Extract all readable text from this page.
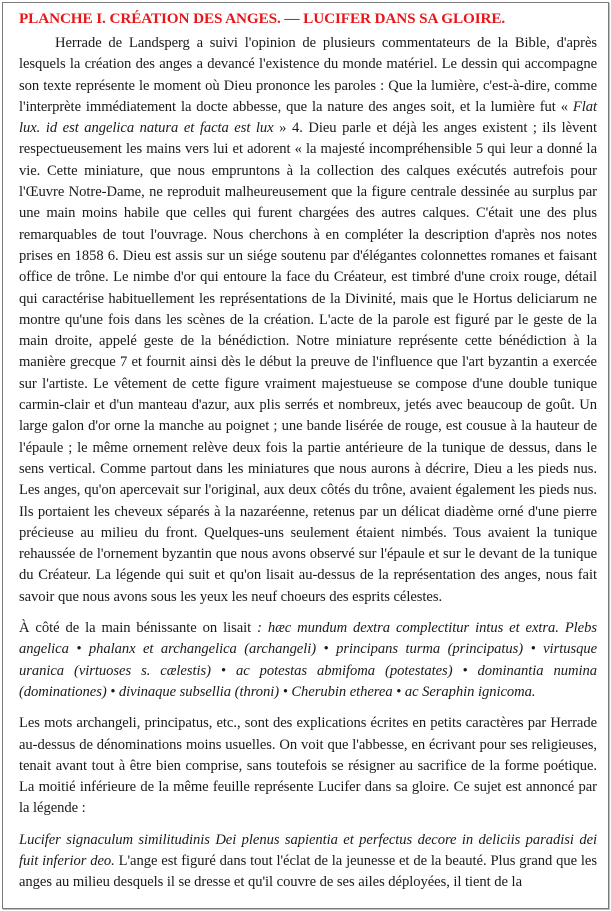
PLANCHE I. CRÉATION DES ANGES. — LUCIFER DANS SA GLOIRE.

Herrade de Landsperg a suivi l'opinion de plusieurs commentateurs de la Bible, d'après lesquels la création des anges a devancé l'existence du monde matériel. Le dessin qui accompagne son texte représente le moment où Dieu prononce les paroles : Que la lumière, c'est-à-dire, comme l'interprète immédiatement la docte abbesse, que la nature des anges soit, et la lumière fut « Flat lux. id est angelica natura et facta est lux » 4. Dieu parle et déjà les anges existent ; ils lèvent respectueusement les mains vers lui et adorent « la majesté incompréhensible 5 qui leur a donné la vie. Cette miniature, que nous empruntons à la collection des calques exécutés autrefois pour l'Œuvre Notre-Dame, ne reproduit malheureusement que la figure centrale dessinée au surplus par une main moins habile que celles qui furent chargées des autres calques. C'était une des plus remarquables de tout l'ouvrage. Nous cherchons à en compléter la description d'après nos notes prises en 1858 6. Dieu est assis sur un siége soutenu par d'élégantes colonnettes romanes et faisant office de trône. Le nimbe d'or qui entoure la face du Créateur, est timbré d'une croix rouge, détail qui caractérise habituellement les représentations de la Divinité, mais que le Hortus deliciarum ne montre qu'une fois dans les scènes de la création. L'acte de la parole est figuré par le geste de la main droite, appelé geste de la bénédiction. Notre miniature représente cette bénédiction à la manière grecque 7 et fournit ainsi dès le début la preuve de l'influence que l'art byzantin a exercée sur l'artiste. Le vêtement de cette figure vraiment majestueuse se compose d'une double tunique carmin-clair et d'un manteau d'azur, aux plis serrés et nombreux, jetés avec beaucoup de goût. Un large galon d'or orne la manche au poignet ; une bande lisérée de rouge, est cousue à la hauteur de l'épaule ; le même ornement relève deux fois la partie antérieure de la tunique de dessus, dans le sens vertical. Comme partout dans les miniatures que nous aurons à décrire, Dieu a les pieds nus. Les anges, qu'on apercevait sur l'original, aux deux côtés du trône, avaient également les pieds nus. Ils portaient les cheveux séparés à la nazaréenne, retenus par un délicat diadème orné d'une pierre précieuse au milieu du front. Quelques-uns seulement étaient nimbés. Tous avaient la tunique rehaussée de l'ornement byzantin que nous avons observé sur l'épaule et sur le devant de la tunique du Créateur. La légende qui suit et qu'on lisait au-dessus de la représentation des anges, nous fait savoir que nous avons sous les yeux les neuf choeurs des esprits célestes.

À côté de la main bénissante on lisait : hæc mundum dextra complectitur intus et extra. Plebs angelica • phalanx et archangelica (archangeli) • principans turma (principatus) • virtusque uranica (virtuoses s. cælestis) • ac potestas abmifoma (potestates) • dominantia numina (dominationes) • divinaque subsellia (throni) • Cherubin etherea • ac Seraphin ignicoma.

Les mots archangeli, principatus, etc., sont des explications écrites en petits caractères par Herrade au-dessus de dénominations moins usuelles. On voit que l'abbesse, en écrivant pour ses religieuses, tenait avant tout à être bien comprise, sans toutefois se résigner au sacrifice de la forme poétique. La moitié inférieure de la même feuille représente Lucifer dans sa gloire. Ce sujet est annoncé par la légende :

Lucifer signaculum similitudinis Dei plenus sapientia et perfectus decore in deliciis paradisi dei fuit inferior deo. L'ange est figuré dans tout l'éclat de la jeunesse et de la beauté. Plus grand que les anges au milieu desquels il se dresse et qu'il couvre de ses ailes déployées, il tient de la
